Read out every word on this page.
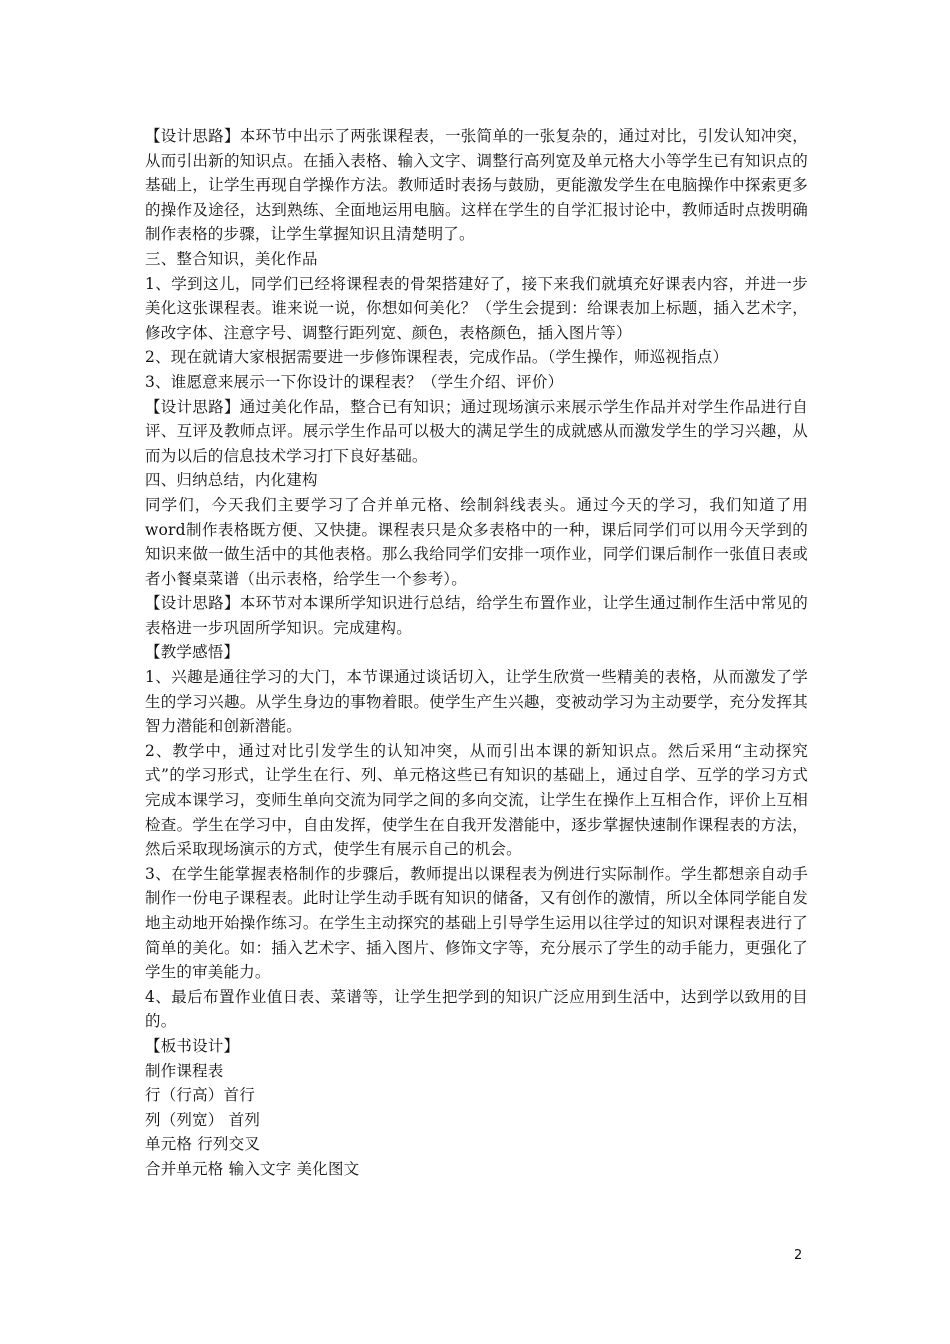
【设计思路】本环节中出示了两张课程表，一张简单的一张复杂的，通过对比，引发认知冲突，从而引出新的知识点。在插入表格、输入文字、调整行高列宽及单元格大小等学生已有知识点的基础上，让学生再现自学操作方法。教师适时表扬与鼓励，更能激发学生在电脑操作中探索更多的操作及途径，达到熟练、全面地运用电脑。这样在学生的自学汇报讨论中，教师适时点拨明确制作表格的步骤，让学生掌握知识且清楚明了。

三、整合知识，美化作品

1、学到这儿，同学们已经将课程表的骨架搭建好了，接下来我们就填充好课表内容，并进一步美化这张课程表。谁来说一说，你想如何美化？（学生会提到：给课表加上标题，插入艺术字，修改字体、注意字号、调整行距列宽、颜色，表格颜色，插入图片等）

2、现在就请大家根据需要进一步修饰课程表，完成作品。（学生操作，师巡视指点）

3、谁愿意来展示一下你设计的课程表？（学生介绍、评价）

【设计思路】通过美化作品，整合已有知识；通过现场演示来展示学生作品并对学生作品进行自评、互评及教师点评。展示学生作品可以极大的满足学生的成就感从而激发学生的学习兴趣，从而为以后的信息技术学习打下良好基础。

四、归纳总结，内化建构

同学们，今天我们主要学习了合并单元格、绘制斜线表头。通过今天的学习，我们知道了用word制作表格既方便、又快捷。课程表只是众多表格中的一种，课后同学们可以用今天学到的知识来做一做生活中的其他表格。那么我给同学们安排一项作业，同学们课后制作一张值日表或者小餐桌菜谱（出示表格，给学生一个参考）。

【设计思路】本环节对本课所学知识进行总结，给学生布置作业，让学生通过制作生活中常见的表格进一步巩固所学知识。完成建构。

【教学感悟】

1、兴趣是通往学习的大门，本节课通过谈话切入，让学生欣赏一些精美的表格，从而激发了学生的学习兴趣。从学生身边的事物着眼。使学生产生兴趣，变被动学习为主动要学，充分发挥其智力潜能和创新潜能。

2、教学中，通过对比引发学生的认知冲突，从而引出本课的新知识点。然后采用“主动探究式”的学习形式，让学生在行、列、单元格这些已有知识的基础上，通过自学、互学的学习方式完成本课学习，变师生单向交流为同学之间的多向交流，让学生在操作上互相合作，评价上互相检查。学生在学习中，自由发挥，使学生在自我开发潜能中，逐步掌握快速制作课程表的方法，然后采取现场演示的方式，使学生有展示自己的机会。

3、在学生能掌握表格制作的步骤后，教师提出以课程表为例进行实际制作。学生都想亲自动手制作一份电子课程表。此时让学生动手既有知识的储备，又有创作的激情，所以全体同学能自发地主动地开始操作练习。在学生主动探究的基础上引导学生运用以往学过的知识对课程表进行了简单的美化。如：插入艺术字、插入图片、修饰文字等，充分展示了学生的动手能力，更强化了学生的审美能力。

4、最后布置作业值日表、菜谱等，让学生把学到的知识广泛应用到生活中，达到学以致用的目的。

【板书设计】

制作课程表

行（行高）首行

列（列宽） 首列

单元格 行列交叉

合并单元格 输入文字 美化图文

2
